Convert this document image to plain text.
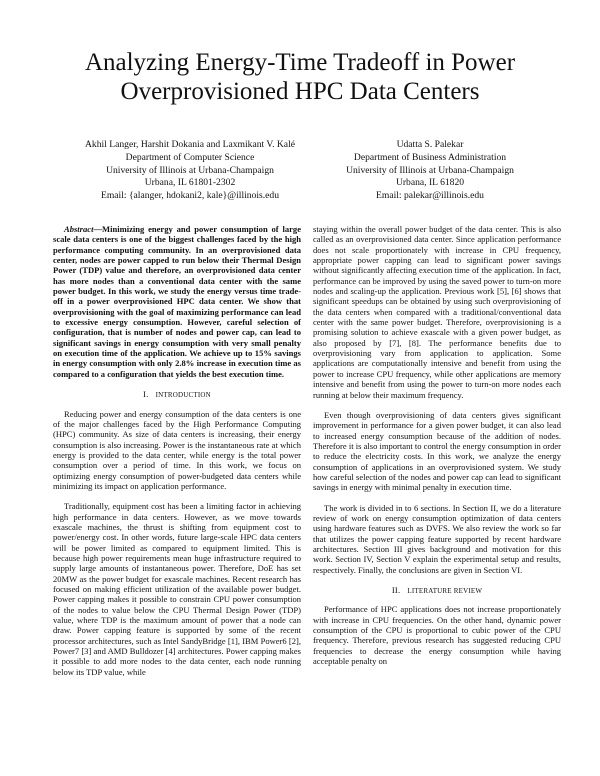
Analyzing Energy-Time Tradeoff in Power Overprovisioned HPC Data Centers
Akhil Langer, Harshit Dokania and Laxmikant V. Kalé
Department of Computer Science
University of Illinois at Urbana-Champaign
Urbana, IL 61801-2302
Email: {alanger, hdokani2, kale}@illinois.edu
Udatta S. Palekar
Department of Business Administration
University of Illinois at Urbana-Champaign
Urbana, IL 61820
Email: palekar@illinois.edu

Abstract—Minimizing energy and power consumption of large scale data centers is one of the biggest challenges faced by the high performance computing community. In an overprovisioned data center, nodes are power capped to run below their Thermal Design Power (TDP) value and therefore, an overprovisioned data center has more nodes than a conventional data center with the same power budget. In this work, we study the energy versus time trade-off in a power overprovisioned HPC data center. We show that overprovisioning with the goal of maximizing performance can lead to excessive energy consumption. However, careful selection of configuration, that is number of nodes and power cap, can lead to significant savings in energy consumption with very small penalty on execution time of the application. We achieve up to 15% savings in energy consumption with only 2.8% increase in execution time as compared to a configuration that yields the best execution time.

I. INTRODUCTION

Reducing power and energy consumption of the data centers is one of the major challenges faced by the High Performance Computing (HPC) community. As size of data centers is increasing, their energy consumption is also increasing. Power is the instantaneous rate at which energy is provided to the data center, while energy is the total power consumption over a period of time. In this work, we focus on optimizing energy consumption of power-budgeted data centers while minimizing its impact on application performance.

Traditionally, equipment cost has been a limiting factor in achieving high performance in data centers. However, as we move towards exascale machines, the thrust is shifting from equipment cost to power/energy cost. In other words, future large-scale HPC data centers will be power limited as compared to equipment limited. This is because high power requirements mean huge infrastructure required to supply large amounts of instantaneous power. Therefore, DoE has set 20MW as the power budget for exascale machines. Recent research has focused on making efficient utilization of the available power budget. Power capping makes it possible to constrain CPU power consumption of the nodes to value below the CPU Thermal Design Power (TDP) value, where TDP is the maximum amount of power that a node can draw. Power capping feature is supported by some of the recent processor architectures, such as Intel SandyBridge [1], IBM Power6 [2], Power7 [3] and AMD Bulldozer [4] architectures. Power capping makes it possible to add more nodes to the data center, each node running below its TDP value, while

staying within the overall power budget of the data center. This is also called as an overprovisioned data center. Since application performance does not scale proportionately with increase in CPU frequency, appropriate power capping can lead to significant power savings without significantly affecting execution time of the application. In fact, performance can be improved by using the saved power to turn-on more nodes and scaling-up the application. Previous work [5], [6] shows that significant speedups can be obtained by using such overprovisioning of the data centers when compared with a traditional/conventional data center with the same power budget. Therefore, overprovisioning is a promising solution to achieve exascale with a given power budget, as also proposed by [7], [8]. The performance benefits due to overprovisioning vary from application to application. Some applications are computationally intensive and benefit from using the power to increase CPU frequency, while other applications are memory intensive and benefit from using the power to turn-on more nodes each running at below their maximum frequency.

Even though overprovisioning of data centers gives significant improvement in performance for a given power budget, it can also lead to increased energy consumption because of the addition of nodes. Therefore it is also important to control the energy consumption in order to reduce the electricity costs. In this work, we analyze the energy consumption of applications in an overprovisioned system. We study how careful selection of the nodes and power cap can lead to significant savings in energy with minimal penalty in execution time.

The work is divided in to 6 sections. In Section II, we do a literature review of work on energy consumption optimization of data centers using hardware features such as DVFS. We also review the work so far that utilizes the power capping feature supported by recent hardware architectures. Section III gives background and motivation for this work. Section IV, Section V explain the experimental setup and results, respectively. Finally, the conclusions are given in Section VI.

II. LITERATURE REVIEW

Performance of HPC applications does not increase proportionately with increase in CPU frequencies. On the other hand, dynamic power consumption of the CPU is proportional to cubic power of the CPU frequency. Therefore, previous research has suggested reducing CPU frequencies to decrease the energy consumption while having acceptable penalty on
